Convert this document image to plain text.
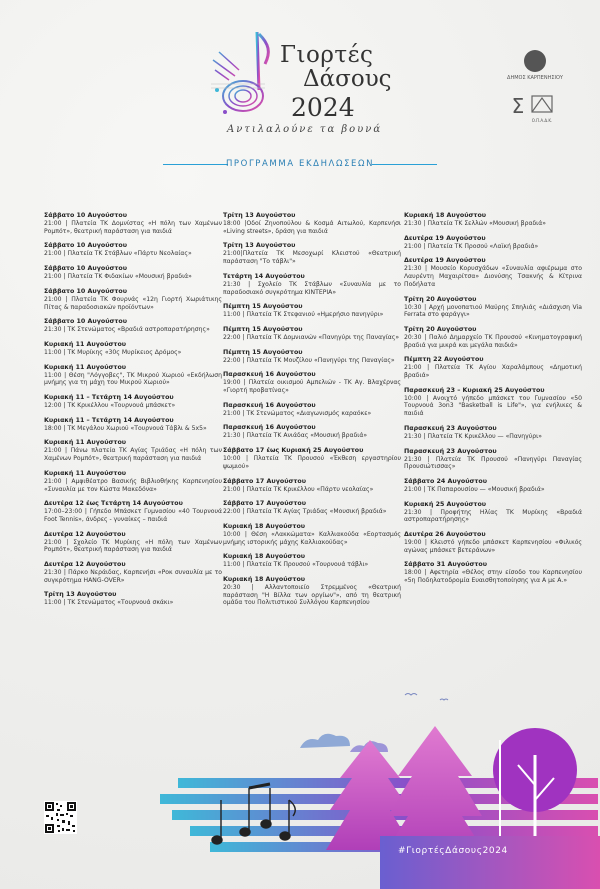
Γιορτές
Δάσους
2024
Αντιλαλούνε τα βουνά
ΔΗΜΟΣ ΚΑΡΠΕΝΗΣΙΟΥ
Σ
Ο.Π.Α.Δ.Κ.
ΠΡΟΓΡΑΜΜΑ ΕΚΔΗΛΩΣΕΩΝ
Σάββατο 10 Αυγούστου
21:00 | Πλατεία ΤΚ Δομνίστας «Η πόλη των Χαμένων Ρομπότ», θεατρική παράσταση για παιδιά
Σάββατο 10 Αυγούστου
21:00 | Πλατεία ΤΚ Στάβλων «Πάρτυ Νεολαίας»
Σάββατο 10 Αυγούστου
21:00 | Πλατεία ΤΚ Φιδακίων «Μουσική βραδιά»
Σάββατο 10 Αυγούστου
21:00 | Πλατεία ΤΚ Φουρνάς «12η Γιορτή Χωριάτικης Πίτας & παραδοσιακών προϊόντων»
Σάββατο 10 Αυγούστου
21:30 | ΤΚ Στενώματος «Βραδιά αστροπαρατήρησης»
Κυριακή 11 Αυγούστου
11:00 | ΤΚ Μυρίκης «30ς Μυρίκειος Δρόμος»
Κυριακή 11 Αυγούστου
11:00 | Θέση "Λόγγοβες", ΤΚ Μικρού Χωριού «Εκδήλωση μνήμης για τη μάχη του Μικρού Χωριού»
Κυριακή 11 – Τετάρτη 14 Αυγούστου
12:00 | ΤΚ Κρικέλλου «Τουρνουά μπάσκετ»
Κυριακή 11 – Τετάρτη 14 Αυγούστου
18:00 | ΤΚ Μεγάλου Χωριού «Τουρνουά Τάβλι & 5x5»
Κυριακή 11 Αυγούστου
21:00 | Πάνω πλατεία ΤΚ Αγίας Τριάδας «Η πόλη των Χαμένων Ρομπότ», θεατρική παράσταση για παιδιά
Κυριακή 11 Αυγούστου
21:00 | Αμφιθέατρο Βασικής Βιβλιοθήκης Καρπενησίου «Συναυλία με τον Κώστα Μακεδόνα»
Δευτέρα 12 έως Τετάρτη 14 Αυγούστου
17:00–23:00 | Γήπεδο Μπάσκετ Γυμνασίου «40 Τουρνουά Foot Tennis», άνδρες - γυναίκες – παιδιά
Δευτέρα 12 Αυγούστου
21:00 | Σχολείο ΤΚ Μυρίκης «Η πόλη των Χαμένων Ρομπότ», θεατρική παράσταση για παιδιά
Δευτέρα 12 Αυγούστου
21:30 | Πάρκο Νεράιδας, Καρπενήσι «Ροκ συναυλία με το συγκρότημα HANG-OVER»
Τρίτη 13 Αυγούστου
11:00 | ΤΚ Στενώματος «Τουρνουά σκάκι»
Τρίτη 13 Αυγούστου
18:00 |Οδοί Ζηνοπούλου & Κοσμά Αιτωλού, Καρπενήσι «Living streets», δράση για παιδιά
Τρίτη 13 Αυγούστου
21:00|Πλατεία ΤΚ Μεσοχωρί Κλειστού «Θεατρική παράσταση "Το τάβλι"»
Τετάρτη 14 Αυγούστου
21:30 | Σχολείο ΤΚ Στάβλων «Συναυλία με το παραδοσιακό συγκρότημα ΚΙΝΤΕΡΙΑ»
Πέμπτη 15 Αυγούστου
11:00 | Πλατεία ΤΚ Στεφανιού «Ημερήσιο πανηγύρι»
Πέμπτη 15 Αυγούστου
22:00 | Πλατεία ΤΚ Δομνιανών «Πανηγύρι της Παναγίας»
Πέμπτη 15 Αυγούστου
22:00 | Πλατεία ΤΚ Μουζίλου «Πανηγύρι της Παναγίας»
Παρασκευή 16 Αυγούστου
19:00 | Πλατεία οικισμού Αμπελιών - ΤΚ Αγ. Βλαχέρνας «Γιορτή προβατίνας»
Παρασκευή 16 Αυγούστου
21:00 | ΤΚ Στενώματος «Διαγωνισμός καραόκε»
Παρασκευή 16 Αυγούστου
21:30 | Πλατεία ΤΚ Ανιάδας «Μουσική βραδιά»
Σάββατο 17 έως Κυριακή 25 Αυγούστου
10:00 | Πλατεία ΤΚ Προυσού «Έκθεση εργαστηρίου ψωμιού»
Σάββατο 17 Αυγούστου
21:00 | Πλατεία ΤΚ Κρικέλλου «Πάρτυ νεολαίας»
Σάββατο 17 Αυγούστου
22:00 | Πλατεία ΤΚ Αγίας Τριάδας «Μουσική βραδιά»
Κυριακή 18 Αυγούστου
10:00 | Θέση «Λακκώματα» Καλλιακούδα «Εορτασμός μνήμης ιστορικής μάχης Καλλιακούδας»
Κυριακή 18 Αυγούστου
11:00 | Πλατεία ΤΚ Προυσού «Τουρνουά τάβλι»
Κυριακή 18 Αυγούστου
20:30 | Αλλαντοποιείο Στρεμμένος «Θεατρική παράσταση "Η Βίλλα των οργίων"», από τη θεατρική ομάδα του Πολιτιστικού Συλλόγου Καρπενησίου
Κυριακή 18 Αυγούστου
21:30 | Πλατεία ΤΚ Σελλών «Μουσική βραδιά»
Δευτέρα 19 Αυγούστου
21:00 | Πλατεία ΤΚ Προσού «Λαϊκή βραδιά»
Δευτέρα 19 Αυγούστου
21:30 | Μουσείο Κορυσχάδων «Συναυλία αφιέρωμα στο Λαυρέντη Μαχαιρίτσα» Διονύσης Τσακνής & Κίτρινα Ποδήλατα
Τρίτη 20 Αυγούστου
10:30 | Αρχή μονοπατιού Μαύρης Σπηλιάς «Διάσχιση Via Ferrata στο φαράγγι»
Τρίτη 20 Αυγούστου
20:30 | Παλιό Δημαρχείο ΤΚ Προυσού «Κινηματογραφική βραδιά για μικρά και μεγάλα παιδιά»
Πέμπτη 22 Αυγούστου
21:00 | Πλατεία ΤΚ Αγίου Χαραλάμπους «Δημοτική βραδιά»
Παρασκευή 23 – Κυριακή 25 Αυγούστου
10:00 | Ανοιχτό γήπεδο μπάσκετ του Γυμνασίου «50 Τουρνουά 3on3 "Basketball is Life"», για ενήλικες & παιδιά
Παρασκευή 23 Αυγούστου
21:30 | Πλατεία ΤΚ Κρικέλλου — «Πανηγύρι»
Παρασκευή 23 Αυγούστου
21:30 | Πλατεία ΤΚ Προυσού «Πανηγύρι Παναγίας Προυσιώτισσας»
Σάββατο 24 Αυγούστου
21:00 | ΤΚ Παπαρουσίου — «Μουσική βραδιά»
Κυριακή 25 Αυγούστου
21:30 | Προφήτης Ηλίας ΤΚ Μυρίκης «Βραδιά αστροπαρατήρησης»
Δευτέρα 26 Αυγούστου
19:00 | Κλειστό γήπεδο μπάσκετ Καρπενησίου «Φιλικός αγώνας μπάσκετ βετεράνων»
Σάββατο 31 Αυγούστου
18:00 | Αφετηρία «Θέλος στην είσοδο του Καρπενησίου «5η Ποδηλατοδρομία Ευαισθητοποίησης για Α με Α.»
#ΓιορτέςΔάσους2024
